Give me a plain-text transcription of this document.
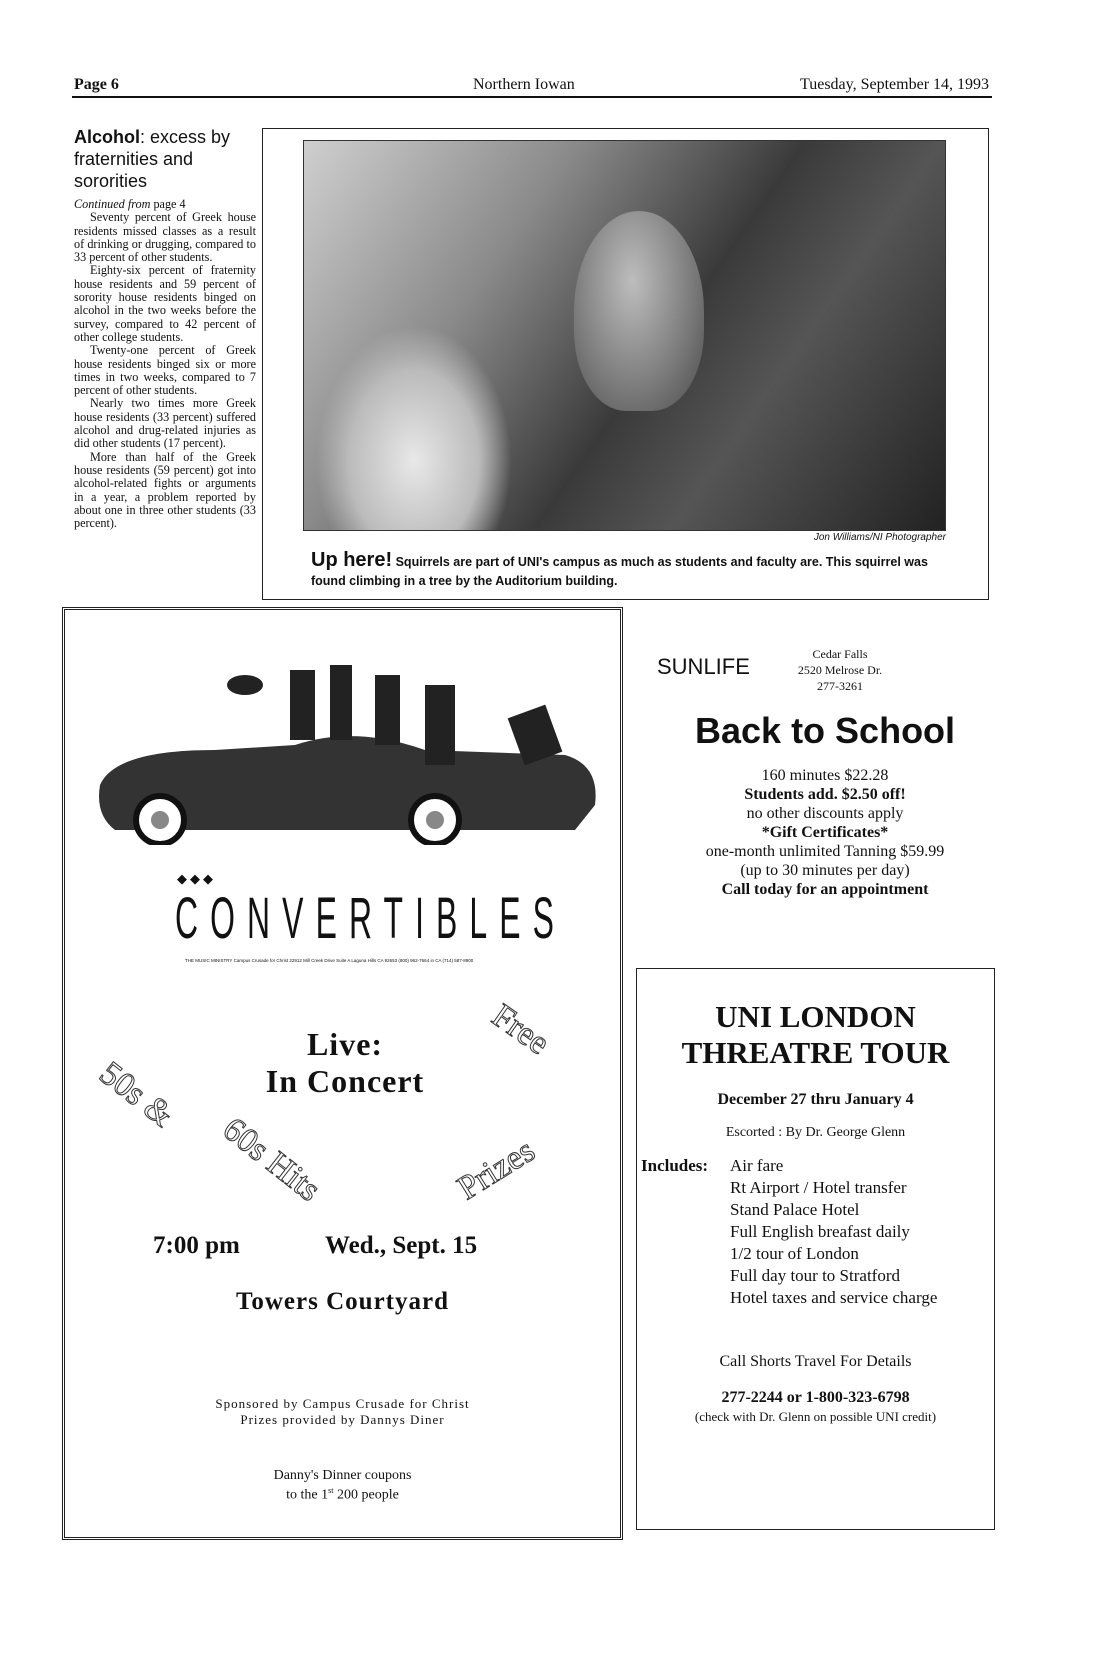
Page 6	Northern Iowan	Tuesday, September 14, 1993
Alcohol: excess by fraternities and sororities

Continued from page 4

Seventy percent of Greek house residents missed classes as a result of drinking or drugging, compared to 33 percent of other students.

Eighty-six percent of fraternity house residents and 59 percent of sorority house residents binged on alcohol in the two weeks before the survey, compared to 42 percent of other college students.

Twenty-one percent of Greek house residents binged six or more times in two weeks, compared to 7 percent of other students.

Nearly two times more Greek house residents (33 percent) suffered alcohol and drug-related injuries as did other students (17 percent).

More than half of the Greek house residents (59 percent) got into alcohol-related fights or arguments in a year, a problem reported by about one in three other students (33 percent).

Jon Williams/NI Photographer
Up here! Squirrels are part of UNI's campus as much as students and faculty are. This squirrel was found climbing in a tree by the Auditorium building.
◆◆◆
CONVERTIBLES
THE MUSIC MINISTRY Campus Crusade for Christ 22912 Mill Creek Drive Suite A Laguna Hills CA 92653 (800) 962-7664 in CA (714) 587-8900
Live:
In Concert
Free
50s &
60s Hits	Prizes
7:00 pm	Wed., Sept. 15
Towers Courtyard
Sponsored by Campus Crusade for Christ
Prizes provided by Dannys Diner
Danny's Dinner coupons
to the 1st 200 people
SUNLIFE	Cedar Falls
2520 Melrose Dr.
277-3261
Back to School
160 minutes $22.28
Students add. $2.50 off!
no other discounts apply
*Gift Certificates*
one-month unlimited Tanning $59.99
(up to 30 minutes per day)
Call today for an appointment
UNI LONDON
THREATRE TOUR
December 27 thru January 4
Escorted : By Dr. George Glenn
Includes: Air fare
Rt Airport / Hotel transfer
Stand Palace Hotel
Full English breafast daily
1/2 tour of London
Full day tour to Stratford
Hotel taxes and service charge
Call Shorts Travel For Details
277-2244 or 1-800-323-6798
(check with Dr. Glenn on possible UNI credit)
